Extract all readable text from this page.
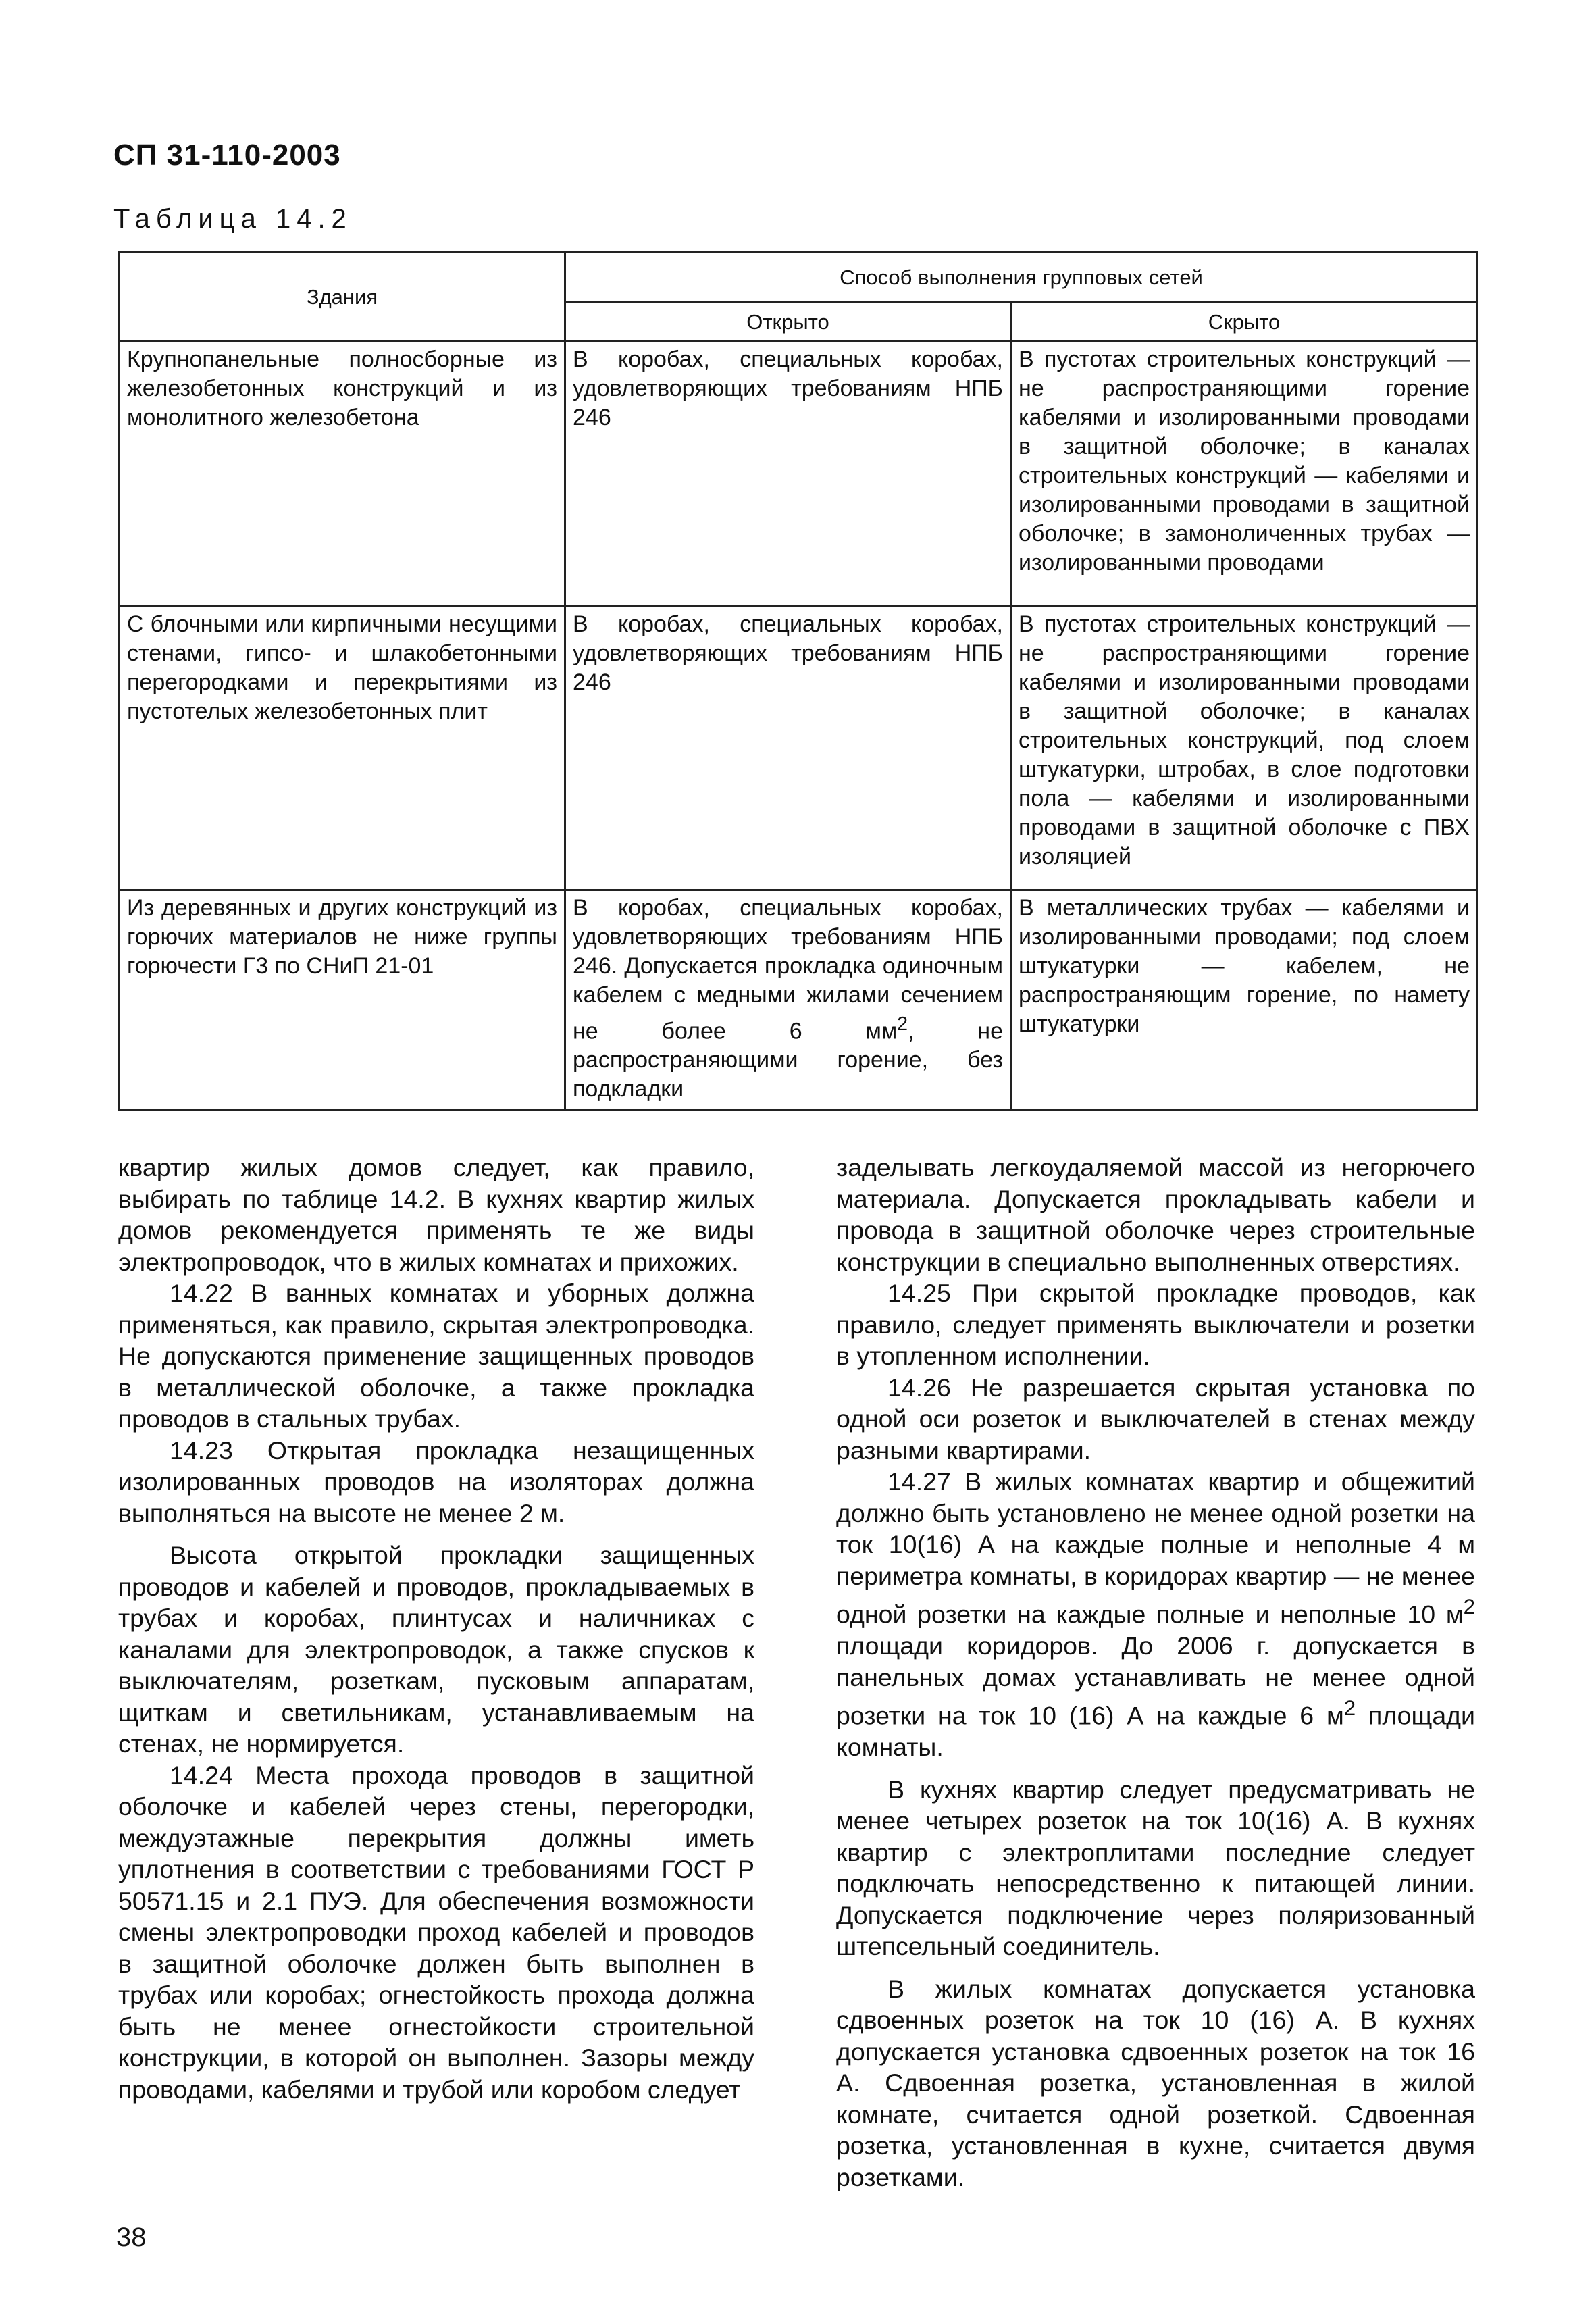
СП 31-110-2003
Таблица 14.2
Здания	Способ выполнения групповых сетей	
	Открыто	Скрыто
Крупнопанельные полносборные из железобетонных конструкций и из монолитного железобетона	В коробах, специальных коробах, удовлетворяющих требованиям НПБ 246	В пустотах строительных конструкций — не распространяющими горение кабелями и изолированными проводами в защитной оболочке; в каналах строительных конструкций — кабелями и изолированными проводами в защитной оболочке; в замоноличенных трубах — изолированными проводами
С блочными или кирпичными несущими стенами, гипсо- и шлакобетонными перегородками и перекрытиями из пустотелых железобетонных плит	В коробах, специальных коробах, удовлетворяющих требованиям НПБ 246	В пустотах строительных конструкций — не распространяющими горение кабелями и изолированными проводами в защитной оболочке; в каналах строительных конструкций, под слоем штукатурки, штробах, в слое подготовки пола — кабелями и изолированными проводами в защитной оболочке с ПВХ изоляцией
Из деревянных и других конструкций из горючих материалов не ниже группы горючести Г3 по СНиП 21-01	В коробах, специальных коробах, удовлетворяющих требованиям НПБ 246. Допускается прокладка одиночным кабелем с медными жилами сечением не более 6 $мм^2$, не распространяющими горение, без подкладки	В металлических трубах — кабелями и изолированными проводами; под слоем штукатурки — кабелем, не распространяющим горение, по намету штукатурки

квартир жилых домов следует, как правило, выбирать по таблице 14.2. В кухнях квартир жилых домов рекомендуется применять те же виды электропроводок, что в жилых комнатах и прихожих.

14.22 В ванных комнатах и уборных должна применяться, как правило, скрытая электропроводка. Не допускаются применение защищенных проводов в металлической оболочке, а также прокладка проводов в стальных трубах.

14.23 Открытая прокладка незащищенных изолированных проводов на изоляторах должна выполняться на высоте не менее 2 м.

Высота открытой прокладки защищенных проводов и кабелей и проводов, прокладываемых в трубах и коробах, плинтусах и наличниках с каналами для электропроводок, а также спусков к выключателям, розеткам, пусковым аппаратам, щиткам и светильникам, устанавливаемым на стенах, не нормируется.

14.24 Места прохода проводов в защитной оболочке и кабелей через стены, перегородки, междуэтажные перекрытия должны иметь уплотнения в соответствии с требованиями ГОСТ Р 50571.15 и 2.1 ПУЭ. Для обеспечения возможности смены электропроводки проход кабелей и проводов в защитной оболочке должен быть выполнен в трубах или коробах; огнестойкость прохода должна быть не менее огнестойкости строительной конструкции, в которой он выполнен. Зазоры между проводами, кабелями и трубой или коробом следует

заделывать легкоудаляемой массой из негорючего материала. Допускается прокладывать кабели и провода в защитной оболочке через строительные конструкции в специально выполненных отверстиях.

14.25 При скрытой прокладке проводов, как правило, следует применять выключатели и розетки в утопленном исполнении.

14.26 Не разрешается скрытая установка по одной оси розеток и выключателей в стенах между разными квартирами.

14.27 В жилых комнатах квартир и общежитий должно быть установлено не менее одной розетки на ток 10(16) А на каждые полные и неполные 4 м периметра комнаты, в коридорах квартир — не менее одной розетки на каждые полные и неполные 10 $м^2$ площади коридоров. До 2006 г. допускается в панельных домах устанавливать не менее одной розетки на ток 10 (16) А на каждые 6 $м^2$ площади комнаты.

В кухнях квартир следует предусматривать не менее четырех розеток на ток 10(16) А. В кухнях квартир с электроплитами последние следует подключать непосредственно к питающей линии. Допускается подключение через поляризованный штепсельный соединитель.

В жилых комнатах допускается установка сдвоенных розеток на ток 10 (16) А. В кухнях допускается установка сдвоенных розеток на ток 16 А. Сдвоенная розетка, установленная в жилой комнате, считается одной розеткой. Сдвоенная розетка, установленная в кухне, считается двумя розетками.

38
